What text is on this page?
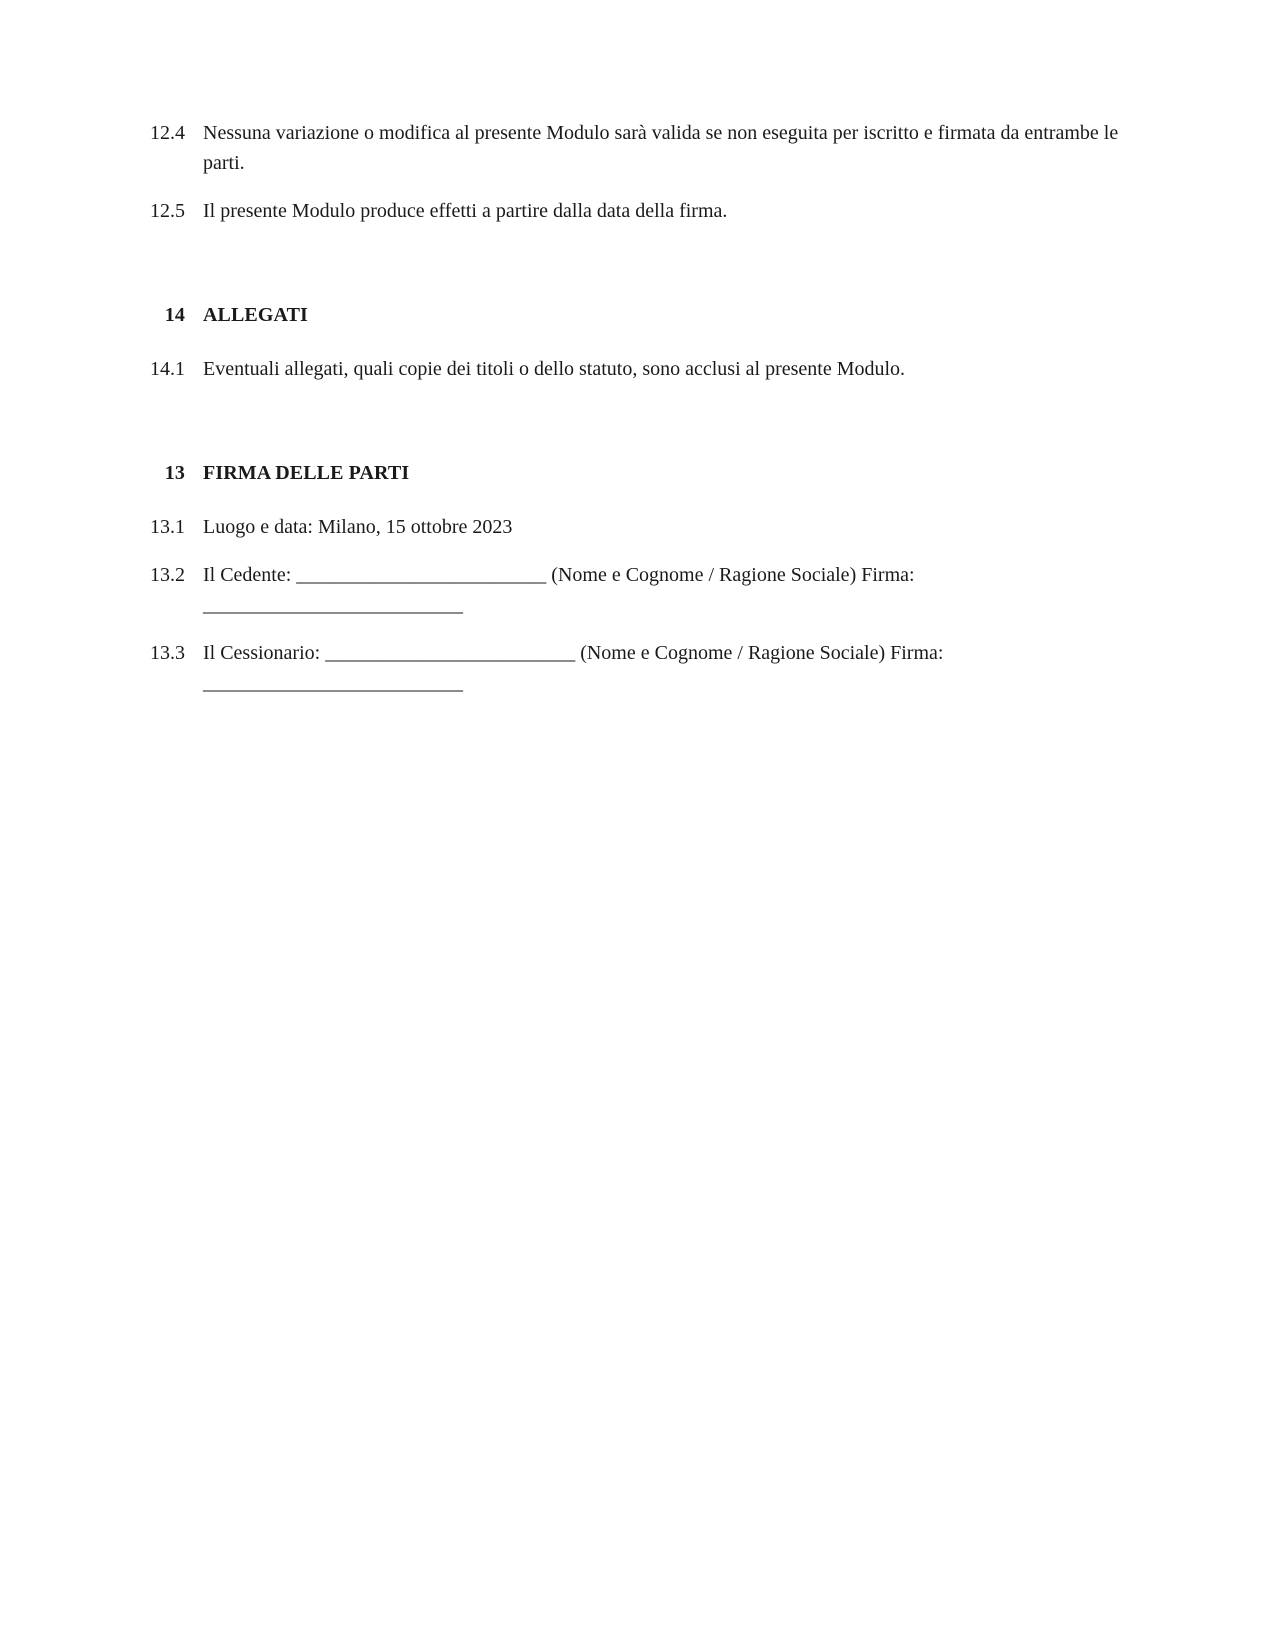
12.4 Nessuna variazione o modifica al presente Modulo sarà valida se non eseguita per iscritto e firmata da entrambe le parti.
12.5 Il presente Modulo produce effetti a partire dalla data della firma.
14 ALLEGATI
14.1 Eventuali allegati, quali copie dei titoli o dello statuto, sono acclusi al presente Modulo.
13 FIRMA DELLE PARTI
13.1 Luogo e data: Milano, 15 ottobre 2023
13.2 Il Cedente: _________________________ (Nome e Cognome / Ragione Sociale) Firma:
__________________________
13.3 Il Cessionario: _________________________ (Nome e Cognome / Ragione Sociale) Firma:
__________________________
